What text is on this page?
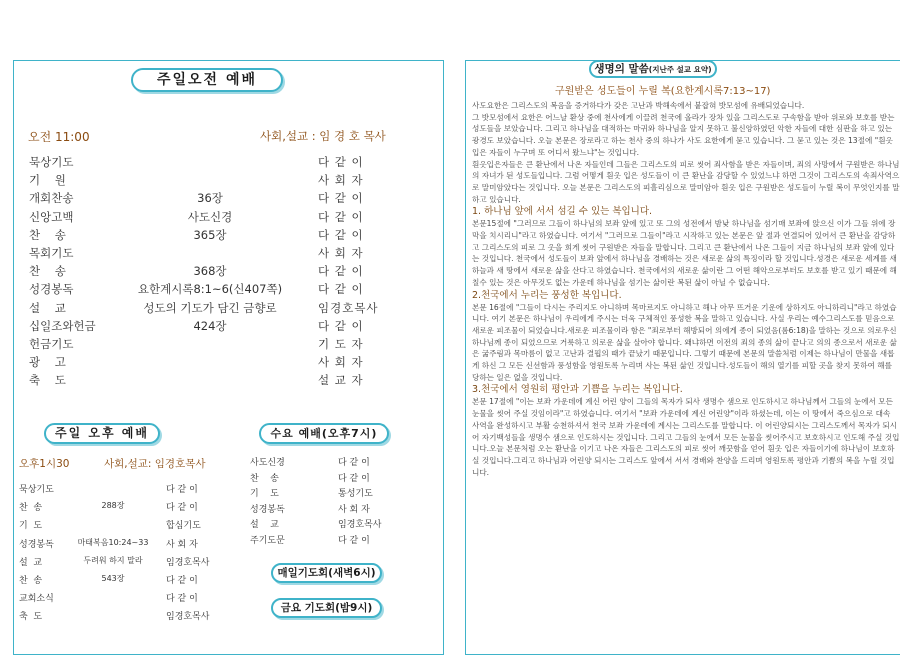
주일오전 예배
오전 11:00	사회,설교 : 임 경 호 목사
묵상기도	다 같 이
기    원	사 회 자
개회찬송	36장	다 같 이
신앙고백	사도신경	다 같 이
찬    송	365장	다 같 이
목회기도	사 회 자
찬    송	368장	다 같 이
성경봉독	요한계시록8:1~6(신407쪽)	다 같 이
설    교	성도의 기도가 담긴 금향로	임경호목사
십일조와헌금	424장	다 같 이
헌금기도	기 도 자
광    고	사 회 자
축    도	설 교 자
주일 오후 예배
오후1시30	사회,설교: 임경호목사
묵상기도	다 같 이
찬  송	288장	다 같 이
기  도	합심기도
성경봉독	마태복음10:24~33 사 회 자
설  교	두려워 하지 말라	임경호목사
찬  송	543장	다 같 이
교회소식	다 같 이
축  도	임경호목사
수요 예배(오후7시)
사도신경	다 같 이
찬    송	다 같 이
기    도	통성기도
성경봉독	사 회 자
설    교	임경호목사
주기도문	다 같 이
매일기도회(새벽6시)
금요 기도회(밤9시)
생명의 말씀(지난주 설교 요약)
구원받은 성도들이 누릴 복(요한계시록7:13~17)

사도요한은 그리스도의 복음을 증거하다가 갖은 고난과 박해속에서 붙잡혀 밧모섬에 유배되었습니다.

그 밧모섬에서 요한은 어느날 환상 중에 천사에게 이끌려 천국에 올라가 장차 있을 그리스도로 구속함을 받아 위로와 보호를 받는 성도들을 보았습니다. 그리고 하나님을 대적하는 마귀와 하나님을 알지 못하고 불신앙하였던 악한 자들에 대한 심판을 하고 있는 광경도 보았습니다. 오늘 본문은 장로라고 하는 천사 중의 하나가 사도 요한에게 묻고 있습니다. 그 묻고 있는 것은 13절에 "흰옷 입은 자들이 누구며 또 어디서 왔느냐"는 것입니다.

흰옷입은자들은 큰 환난에서 나온 자들인데 그들은 그리스도의 피로 씻어 죄사함을 받은 자들이며, 죄의 사망에서 구원받은 하나님의 자녀가 된 성도들입니다. 그럼 어떻게 흰옷 입은 성도들이 이 큰 환난을 감당할 수 있었느냐 하면 그것이 그리스도의 속죄사역으로 말미암았다는 것입니다. 오늘 본문은 그리스도의 피흘리심으로 말미암아 흰옷 입은 구원받은 성도들이 누릴 복이 무엇인지를 말하고 있습니다.

1. 하나님 앞에 서서 섬길 수 있는 복입니다.

본문15절에 "그러므로 그들이 하나님의 보좌 앞에 있고 또 그의 성전에서 밤낮 하나님을 섬기매 보좌에 앉으신 이가 그들 위에 장막을 치시리니"라고 하였습니다. 여기서 "그러므로 그들이"라고 시작하고 있는 본문은 앞 절과 연결되어 있어서 큰 환난을 감당하고 그리스도의 피로 그 옷을 희게 씻어 구원받은 자들을 말합니다. 그리고 큰 환난에서 나온 그들이 지금 하나님의 보좌 앞에 있다는 것입니다. 천국에서 성도들이 보좌 앞에서 하나님을 경배하는 것은 새로운 삶의 특징이라 할 것입니다.성경은 새로운 세계를 새 하늘과 새 땅에서 새로운 삶을 산다고 하였습니다. 천국에서의 새로운 삶이란 그 어떤 해악으로부터도 보호를 받고 있기 때문에 해칠수 있는 것은 아무것도 없는 가운데 하나님을 섬기는 삶이란 복된 삶이 아닐 수 없습니다.

2.천국에서 누리는 풍성한 복입니다.

본문 16절에 "그들이 다시는 주리지도 아니하며 목마르지도 아니하고 해나 아무 뜨거운 기운에 상하지도 아니하리니"라고 하였습니다. 여기 본문은 하나님이 우리에게 주시는 더욱 구체적인 풍성한 복을 말하고 있습니다. 사실 우리는 예수그리스도를 믿음으로 새로운 피조물이 되었습니다.새로운 피조물이라 함은 "죄로부터 해방되어 의에게 종이 되었음(롬6:18)을 말하는 것으로 의로우신 하나님께 종이 되었으므로 거룩하고 의로운 삶을 살아야 합니다. 왜냐하면 이전의 죄의 종의 삶이 끝나고 의의 종으로서 새로운 삶은 굶주림과 목마름이 없고 고난과 결핍의 때가 끝났기 때문입니다. 그렇기 때문에 본문의 말씀처럼 이제는 하나님이 만물을 새롭게 하신 그 모든 신선함과 풍성함을 영원토록 누리며 사는 복된 삶인 것입니다.성도들이 해의 열기를 피할 곳을 찾지 못하여 해를 당하는 일은 없을 것입니다.

3.천국에서 영원히 평안과 기쁨을 누리는 복입니다.

본문 17절에 "이는 보좌 가운데에 계신 어린 양이 그들의 목자가 되사 생명수 샘으로 인도하시고 하나님께서 그들의 눈에서 모든 눈물을 씻어 주실 것임이라"고 하였습니다. 여기서 "보좌 가운데에 계신 어린양"이라 하셨는데, 이는 이 땅에서 죽으심으로 대속 사역을 완성하시고 부활 승천하셔서 천국 보좌 가운데에 계시는 그리스도를 말합니다. 이 어린양되시는 그리스도께서 목자가 되시어 자기백성들을 생명수 샘으로 인도하시는 것입니다. 그리고 그들의 눈에서 모든 눈물을 씻어주시고 보호하시고 인도해 주실 것입니다.오늘 본문처럼 오는 환난을 이기고 나온 자들은 그리스도의 피로 씻어 깨끗함을 얻어 흰옷 입은 자들이기에 하나님이 보호하실 것입니다.그리고 하나님과 어린양 되시는 그리스도 앞에서 서서 경배와 찬양을 드리며 영원토록 평안과 기쁨의 복을 누릴 것입니다.
